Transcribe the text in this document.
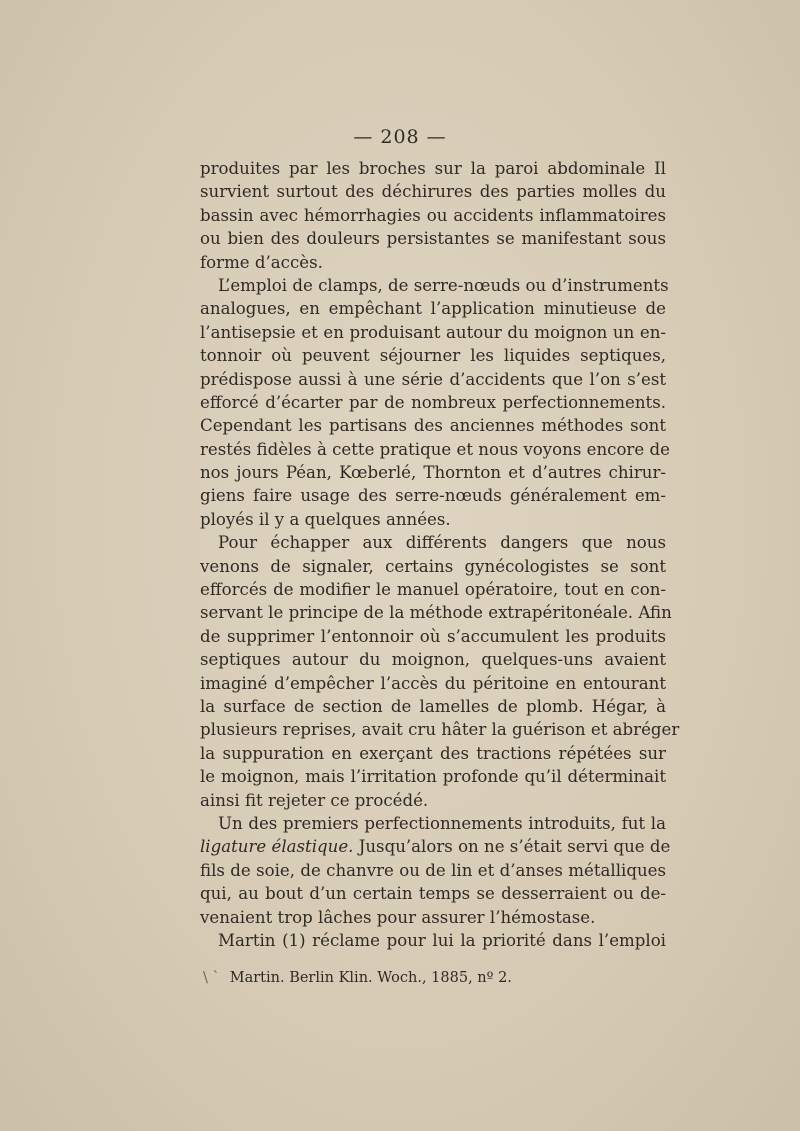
— 208 —
produites par les broches sur la paroi abdominale Il
survient surtout des déchirures des parties molles du
bassin avec hémorrhagies ou accidents inflammatoires
ou bien des douleurs persistantes se manifestant sous
forme d’accès.
L’emploi de clamps, de serre-nœuds ou d’instruments
analogues, en empêchant l’application minutieuse de
l’antisepsie et en produisant autour du moignon un en-
tonnoir où peuvent séjourner les liquides septiques,
prédispose aussi à une série d’accidents que l’on s’est
efforcé d’écarter par de nombreux perfectionnements.
Cependant les partisans des anciennes méthodes sont
restés fidèles à cette pratique et nous voyons encore de
nos jours Péan, Kœberlé, Thornton et d’autres chirur-
giens faire usage des serre-nœuds généralement em-
ployés il y a quelques années.
Pour échapper aux différents dangers que nous
venons de signaler, certains gynécologistes se sont
efforcés de modifier le manuel opératoire, tout en con-
servant le principe de la méthode extrapéritonéale. Afin
de supprimer l’entonnoir où s’accumulent les produits
septiques autour du moignon, quelques-uns avaient
imaginé d’empêcher l’accès du péritoine en entourant
la surface de section de lamelles de plomb. Hégar, à
plusieurs reprises, avait cru hâter la guérison et abréger
la suppuration en exerçant des tractions répétées sur
le moignon, mais l’irritation profonde qu’il déterminait
ainsi fit rejeter ce procédé.
Un des premiers perfectionnements introduits, fut la
ligature élastique. Jusqu’alors on ne s’était servi que de
fils de soie, de chanvre ou de lin et d’anses métalliques
qui, au bout d’un certain temps se desserraient ou de-
venaient trop lâches pour assurer l’hémostase.
Martin (1) réclame pour lui la priorité dans l’emploi
\ ` Martin. Berlin Klin. Woch., 1885, nº 2.
